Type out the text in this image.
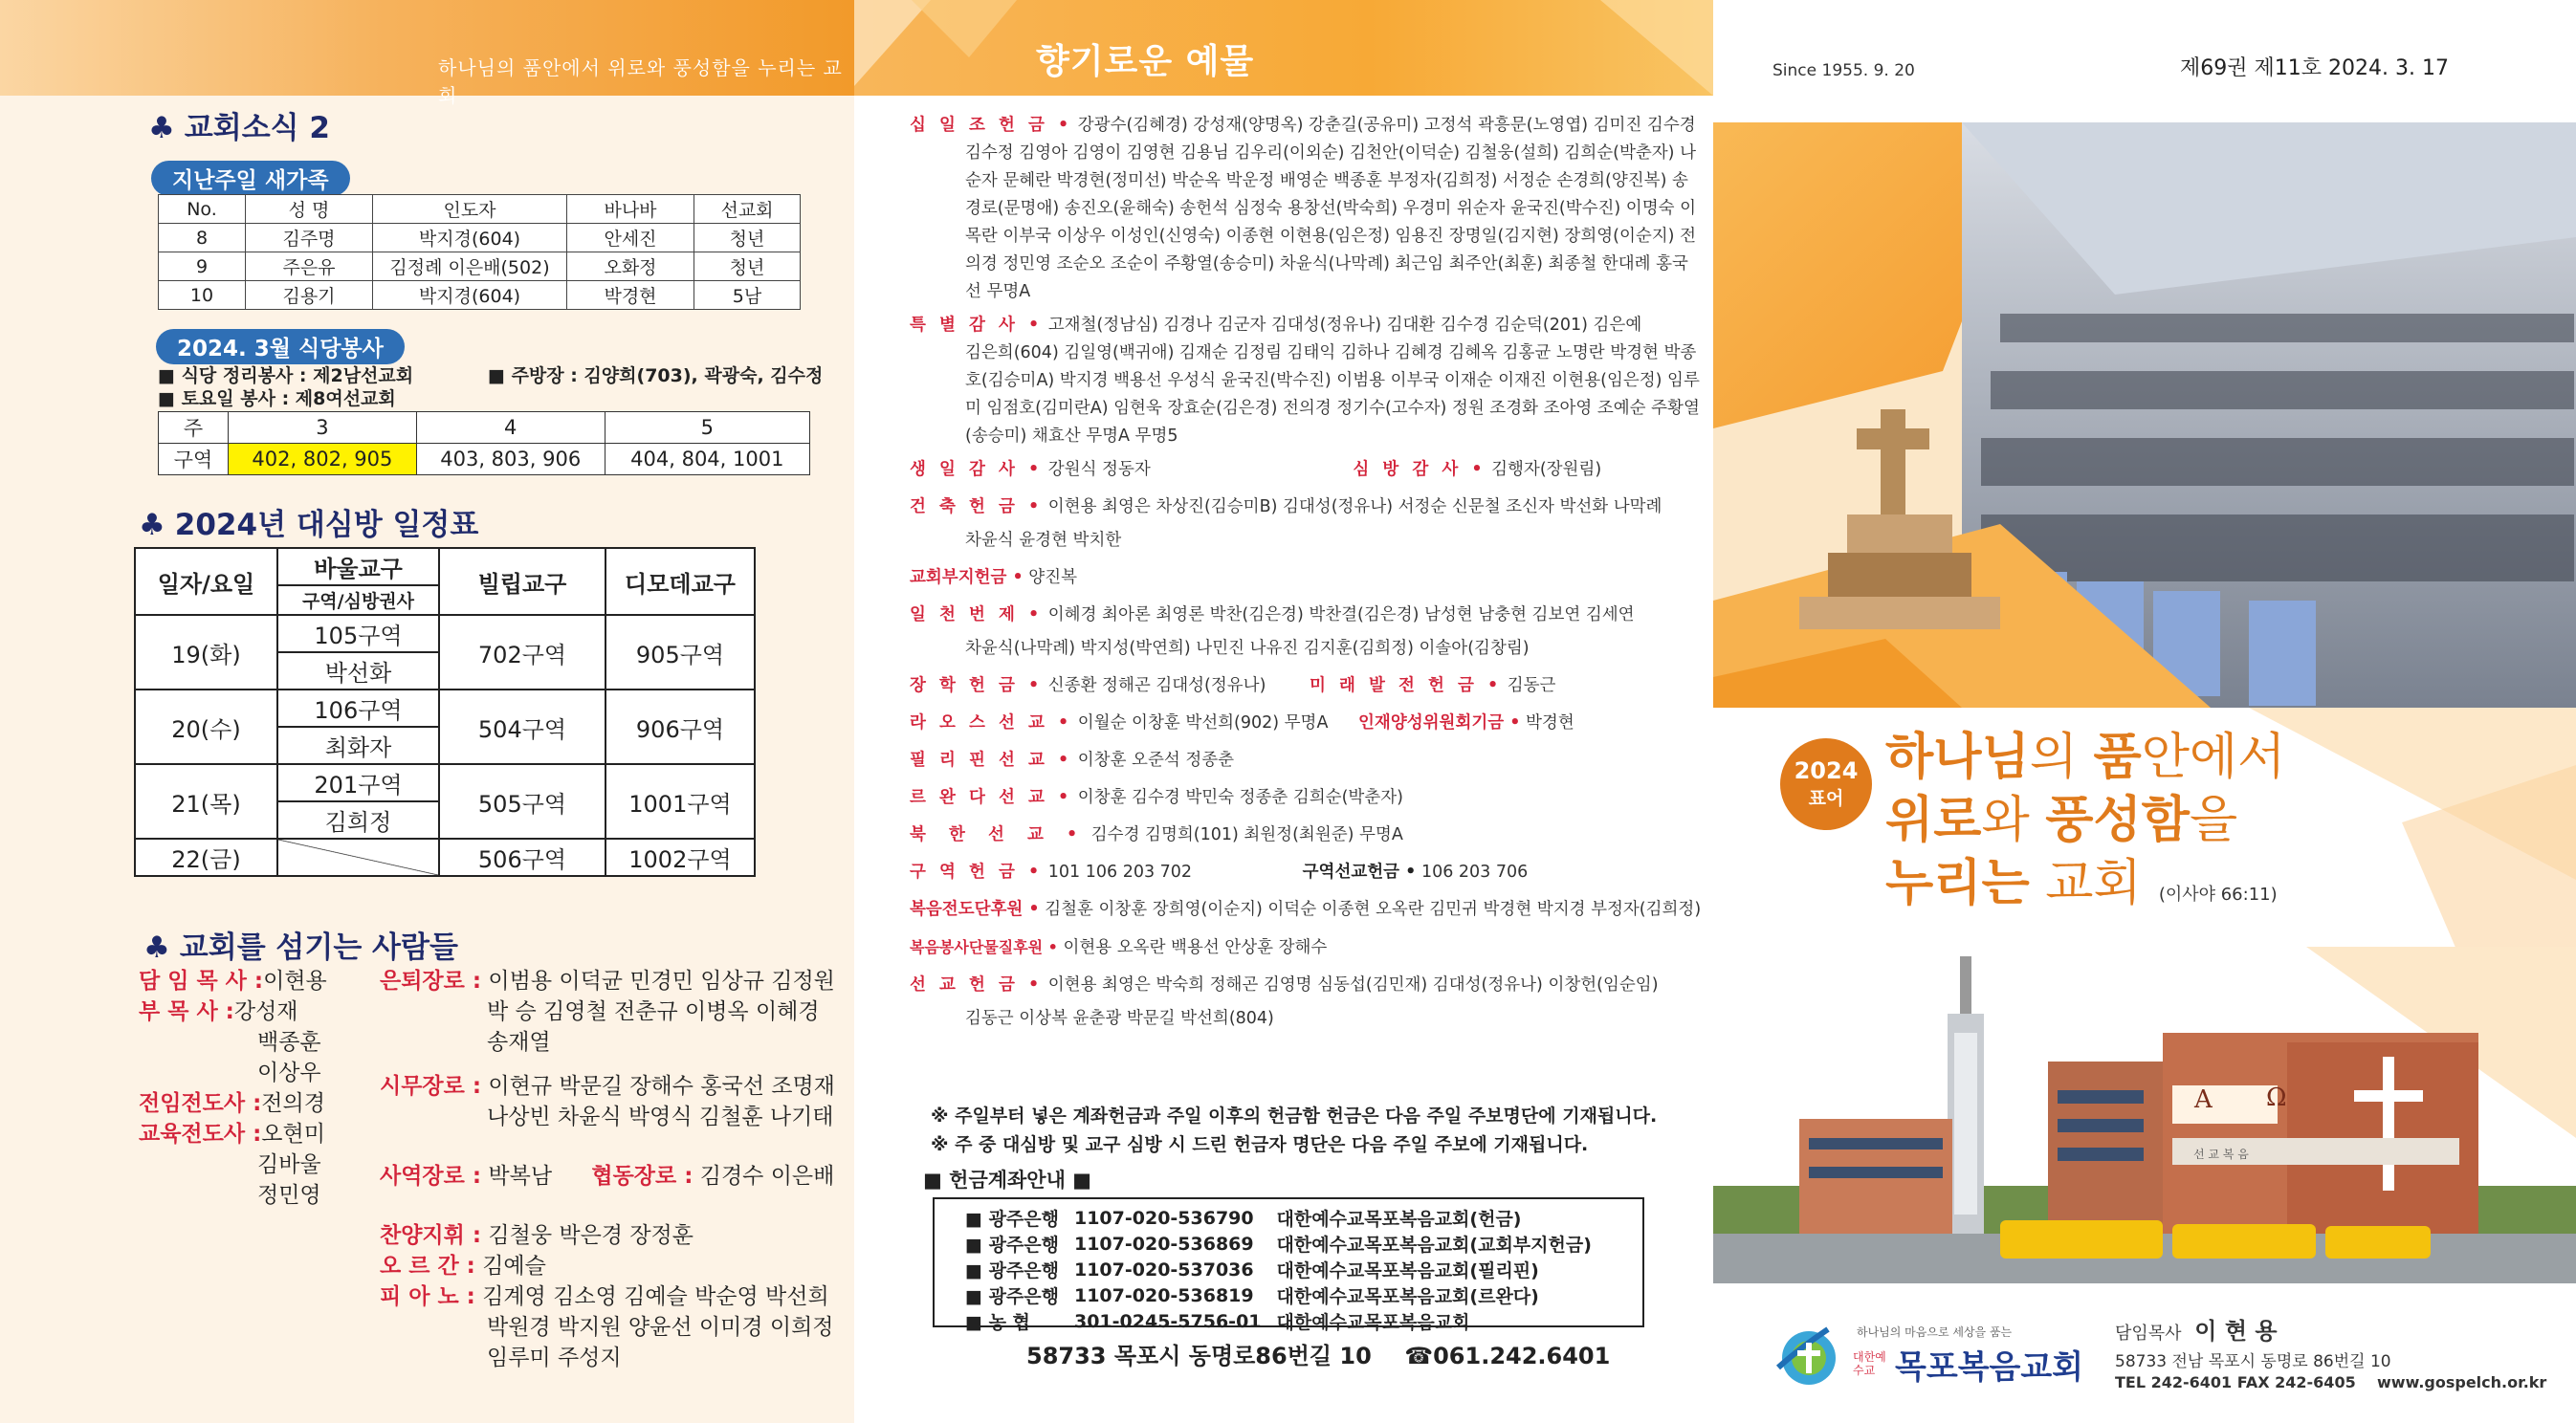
하나님의 품안에서 위로와 풍성함을 누리는 교회
♣ 교회소식 2
지난주일 새가족
No.	성 명	인도자	바나바	선교회
8	김주명	박지경(604)	안세진	청년
9	주은유	김정례 이은배(502)	오화정	청년
10	김용기	박지경(604)	박경현	5남
2024. 3월 식당봉사
■ 식당 정리봉사 : 제2남선교회
■ 토요일 봉사 : 제8여선교회
■ 주방장 : 김양희(703), 곽광숙, 김수정
주	3	4	5
구역	402, 802, 905	403, 803, 906	404, 804, 1001
♣ 2024년 대심방 일정표
일자/요일	바울교구	빌립교구	디모데교구
	구역/심방권사		
19(화)	105구역	702구역	905구역
	박선화		
20(수)	106구역	504구역	906구역
	최화자		
21(목)	201구역	505구역	1001구역
	김희정		
22(금)		506구역	1002구역
♣ 교회를 섬기는 사람들
담 임 목 사 :이현용
부 목 사 :강성재
백종훈
이상우
전임전도사 :전의경
교육전도사 :오현미
김바울
정민영
은퇴장로 : 이범용 이덕균 민경민 임상규 김정원
박 승 김영철 전춘규 이병옥 이혜경
송재열
시무장로 : 이현규 박문길 장해수 홍국선 조명재
나상빈 차윤식 박영식 김철훈 나기태
사역장로 : 박복남 협동장로 : 김경수 이은배
찬양지휘 : 김철웅 박은경 장정훈
오 르 간 : 김예슬
피 아 노 : 김계영 김소영 김예슬 박순영 박선희
박원경 박지원 양윤선 이미경 이희정
임루미 주성지
향기로운 예물
십 일 조 헌 금 • 강광수(김혜경) 강성재(양명옥) 강춘길(공유미) 고정석 곽흥문(노영엽) 김미진 김수경
김수정 김영아 김영이 김영현 김용님 김우리(이외순) 김천안(이덕순) 김철웅(설희) 김희순(박춘자) 나
순자 문혜란 박경현(정미선) 박순옥 박운정 배영순 백종훈 부정자(김희정) 서정순 손경희(양진복) 송
경로(문명애) 송진오(윤해숙) 송헌석 심정숙 용창선(박숙희) 우경미 위순자 윤국진(박수진) 이명숙 이
목란 이부국 이상우 이성인(신영숙) 이종현 이현용(임은정) 임용진 장명일(김지현) 장희영(이순지) 전
의경 정민영 조순오 조순이 주황열(송승미) 차윤식(나막례) 최근임 최주안(최훈) 최종철 한대례 홍국
선 무명A
특 별 감 사 • 고재철(정남심) 김경나 김군자 김대성(정유나) 김대환 김수경 김순덕(201) 김은예
김은희(604) 김일영(백귀애) 김재순 김정림 김태익 김하나 김혜경 김혜옥 김홍균 노명란 박경현 박종
호(김승미A) 박지경 백용선 우성식 윤국진(박수진) 이범용 이부국 이재순 이재진 이현용(임은정) 임루
미 임점호(김미란A) 임현욱 장효순(김은경) 전의경 정기수(고수자) 정원 조경화 조아영 조예순 주황열
(송승미) 채효산 무명A 무명5
생 일 감 사 • 강원식 정동자	심 방 감 사 • 김행자(장원림)
건 축 헌 금 • 이현용 최영은 차상진(김승미B) 김대성(정유나) 서정순 신문철 조신자 박선화 나막례
차윤식 윤경현 박치한
교회부지헌금 • 양진복
일 천 번 제 • 이혜경 최아론 최영론 박찬(김은경) 박찬결(김은경) 남성현 남충현 김보연 김세연
차윤식(나막례) 박지성(박연희) 나민진 나유진 김지훈(김희정) 이솔아(김창림)
장 학 헌 금 • 신종환 정해곤 김대성(정유나)	미 래 발 전 헌 금 • 김동근
라 오 스 선 교 • 이월순 이창훈 박선희(902) 무명A 인재양성위원회기금 • 박경현
필 리 핀 선 교 • 이창훈 오준석 정종춘
르 완 다 선 교 • 이창훈 김수경 박민숙 정종춘 김희순(박춘자)
북 한 선 교 • 김수경 김명희(101) 최원정(최원준) 무명A
구 역 헌 금 • 101 106 203 702	구역선교헌금 • 106 203 706
복음전도단후원 • 김철훈 이창훈 장희영(이순지) 이덕순 이종현 오옥란 김민귀 박경현 박지경 부정자(김희정)
복음봉사단물질후원 • 이현용 오옥란 백용선 안상훈 장해수
선 교 헌 금 • 이현용 최영은 박숙희 정해곤 김영명 심동섭(김민재) 김대성(정유나) 이창헌(임순임)
김동근 이상복 윤춘광 박문길 박선희(804)
※ 주일부터 넣은 계좌헌금과 주일 이후의 헌금함 헌금은 다음 주일 주보명단에 기재됩니다.
※ 주 중 대심방 및 교구 심방 시 드린 헌금자 명단은 다음 주일 주보에 기재됩니다.
■ 헌금계좌안내 ■
■ 광주은행	1107-020-536790	대한예수교목포복음교회(헌금)
■ 광주은행	1107-020-536869	대한예수교목포복음교회(교회부지헌금)
■ 광주은행	1107-020-537036	대한예수교목포복음교회(필리핀)
■ 광주은행	1107-020-536819	대한예수교목포복음교회(르완다)
■ 농 협	301-0245-5756-01	대한예수교목포복음교회
58733 목포시 동명로86번길 10 ☎061.242.6401
Since 1955. 9. 20	제69권 제11호 2024. 3. 17
2024
표어
하나님의 품안에서
위로와 풍성함을
누리는 교회 (이사야 66:11)
A Ω
선 교 복 음
하나님의 마음으로 세상을 품는
대한예수교 목포복음교회
담임목사 이 현 용
58733 전남 목포시 동명로 86번길 10
TEL 242-6401 FAX 242-6405 www.gospelch.or.kr
